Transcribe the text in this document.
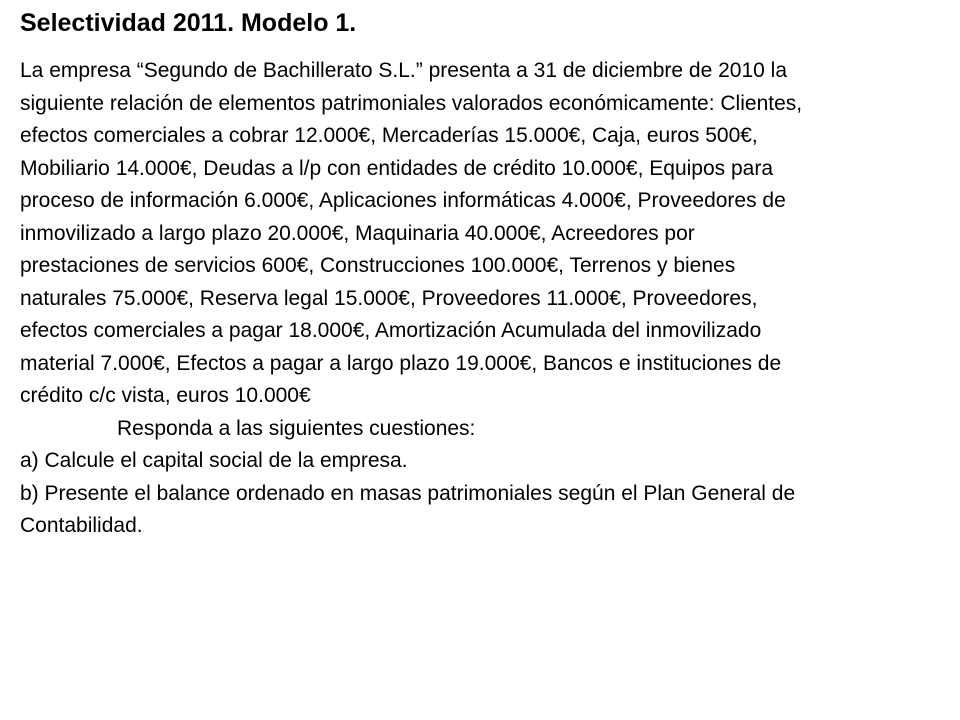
Selectividad 2011. Modelo 1.
La empresa “Segundo de Bachillerato S.L.” presenta a 31 de diciembre de 2010 la
siguiente relación de elementos patrimoniales valorados económicamente: Clientes,
efectos comerciales a cobrar 12.000€, Mercaderías 15.000€, Caja, euros 500€,
Mobiliario 14.000€, Deudas a l/p con entidades de crédito 10.000€, Equipos para
proceso de información 6.000€, Aplicaciones informáticas 4.000€, Proveedores de
inmovilizado a largo plazo 20.000€, Maquinaria 40.000€, Acreedores por
prestaciones de servicios 600€, Construcciones 100.000€, Terrenos y bienes
naturales 75.000€, Reserva legal 15.000€, Proveedores 11.000€, Proveedores,
efectos comerciales a pagar 18.000€, Amortización Acumulada del inmovilizado
material 7.000€, Efectos a pagar a largo plazo 19.000€, Bancos e instituciones de
crédito c/c vista, euros 10.000€
Responda a las siguientes cuestiones:
a) Calcule el capital social de la empresa.
b) Presente el balance ordenado en masas patrimoniales según el Plan General de
Contabilidad.
